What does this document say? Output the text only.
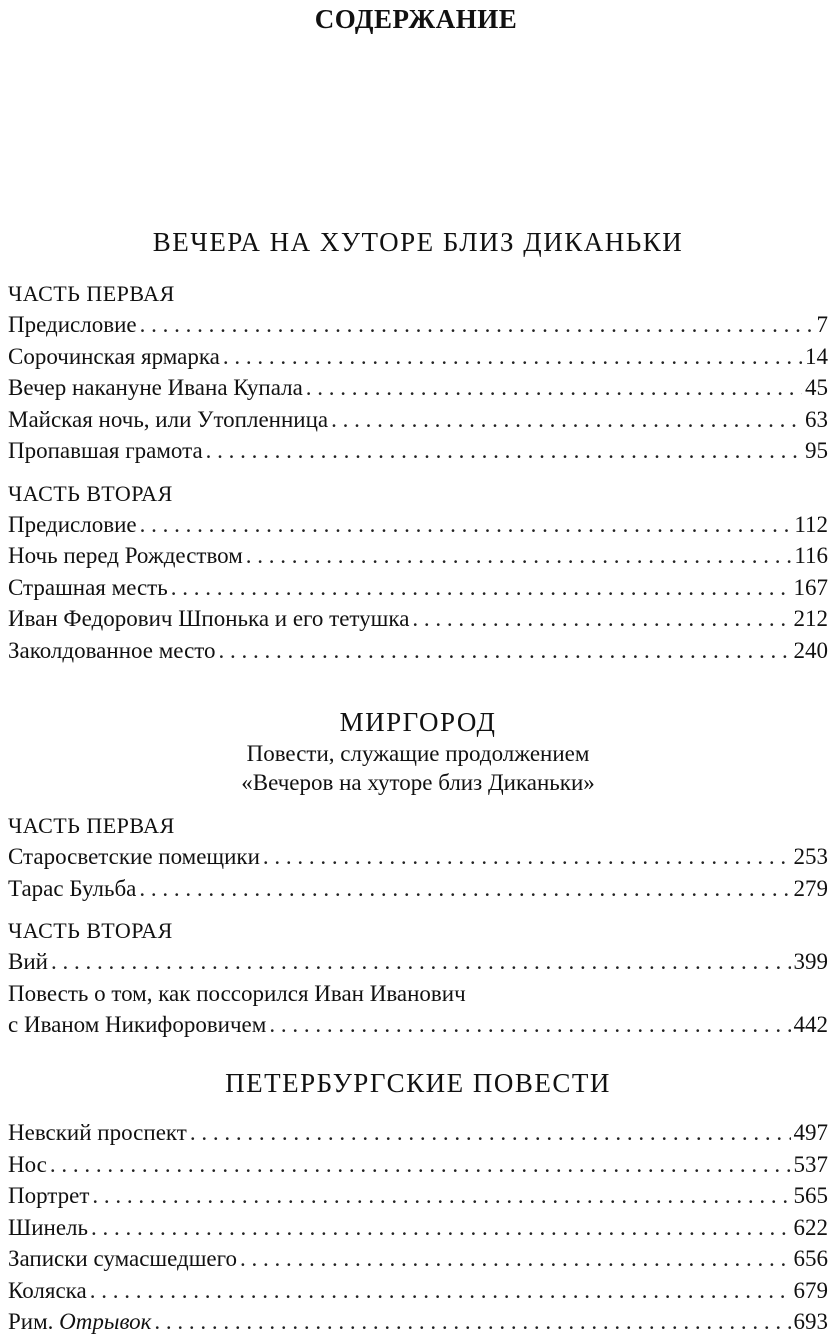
СОДЕРЖАНИЕ
ВЕЧЕРА НА ХУТОРЕ БЛИЗ ДИКАНЬКИ

ЧАСТЬ ПЕРВАЯ

Предисловие . . .	7
Сорочинская ярмарка . . .	14
Вечер накануне Ивана Купала . . .	45
Майская ночь, или Утопленница . . .	63
Пропавшая грамота . . .	95

ЧАСТЬ ВТОРАЯ

Предисловие . . .	112
Ночь перед Рождеством . . .	116
Страшная месть . . .	167
Иван Федорович Шпонька и его тетушка . . .	212
Заколдованное место . . .	240
МИРГОРОД

Повести, служащие продолжением

«Вечеров на хуторе близ Диканьки»

ЧАСТЬ ПЕРВАЯ

Старосветские помещики . . .	253
Тарас Бульба . . .	279

ЧАСТЬ ВТОРАЯ

Вий . . .	399
Повесть о том, как поссорился Иван Иванович
с Иваном Никифоровичем . . .	442
ПЕТЕРБУРГСКИЕ ПОВЕСТИ
Невский проспект . . .	497
Нос . . .	537
Портрет . . .	565
Шинель . . .	622
Записки сумасшедшего . . .	656
Коляска . . .	679
Рим. Отрывок . . .	693
